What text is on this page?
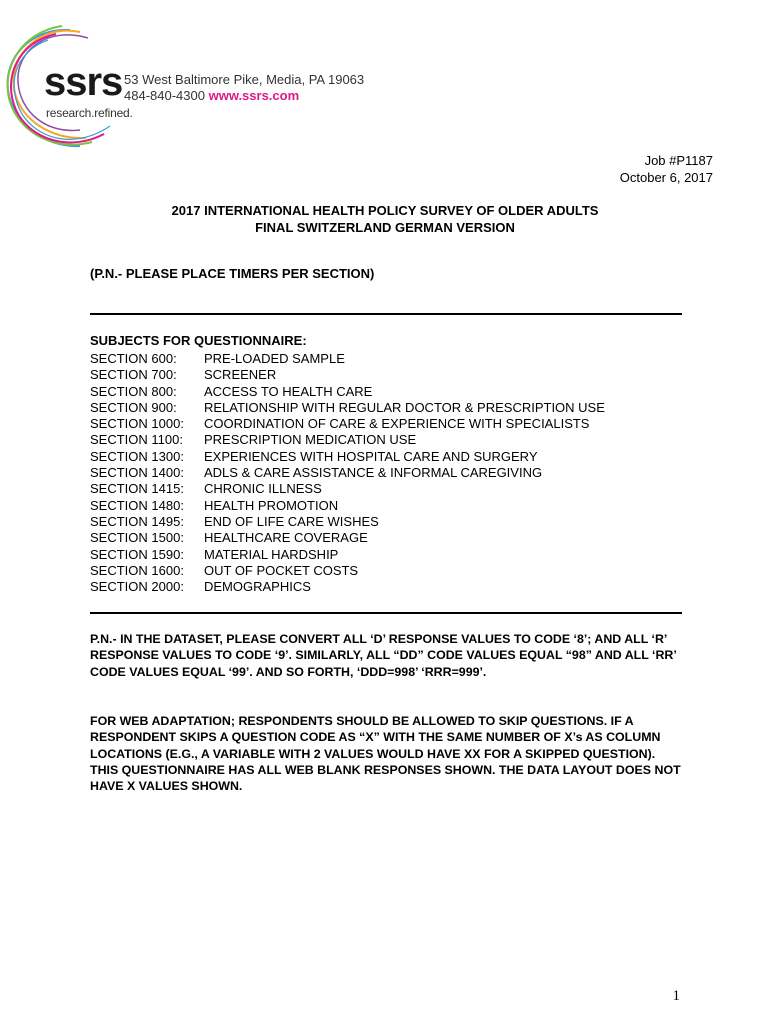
ssrs
research.refined.
53 West Baltimore Pike, Media, PA 19063
484-840-4300 www.ssrs.com
Job #P1187
October 6, 2017
2017 INTERNATIONAL HEALTH POLICY SURVEY OF OLDER ADULTS
FINAL SWITZERLAND GERMAN VERSION
(P.N.- PLEASE PLACE TIMERS PER SECTION)
SUBJECTS FOR QUESTIONNAIRE:
SECTION 600:	PRE-LOADED SAMPLE
SECTION 700:	SCREENER
SECTION 800:	ACCESS TO HEALTH CARE
SECTION 900:	RELATIONSHIP WITH REGULAR DOCTOR & PRESCRIPTION USE
SECTION 1000:	COORDINATION OF CARE & EXPERIENCE WITH SPECIALISTS
SECTION 1100:	PRESCRIPTION MEDICATION USE
SECTION 1300:	EXPERIENCES WITH HOSPITAL CARE AND SURGERY
SECTION 1400:	ADLS & CARE ASSISTANCE & INFORMAL CAREGIVING
SECTION 1415:	CHRONIC ILLNESS
SECTION 1480:	HEALTH PROMOTION
SECTION 1495:	END OF LIFE CARE WISHES
SECTION 1500:	HEALTHCARE COVERAGE
SECTION 1590:	MATERIAL HARDSHIP
SECTION 1600:	OUT OF POCKET COSTS
SECTION 2000:	DEMOGRAPHICS
P.N.- IN THE DATASET, PLEASE CONVERT ALL ‘D’ RESPONSE VALUES TO CODE ‘8’; AND ALL ‘R’ RESPONSE VALUES TO CODE ‘9’. SIMILARLY, ALL “DD” CODE VALUES EQUAL “98” AND ALL ‘RR’ CODE VALUES EQUAL ‘99’. AND SO FORTH, ‘DDD=998’ ‘RRR=999’.
FOR WEB ADAPTATION; RESPONDENTS SHOULD BE ALLOWED TO SKIP QUESTIONS. IF A RESPONDENT SKIPS A QUESTION CODE AS “X” WITH THE SAME NUMBER OF X’s AS COLUMN LOCATIONS (E.G., A VARIABLE WITH 2 VALUES WOULD HAVE XX FOR A SKIPPED QUESTION). THIS QUESTIONNAIRE HAS ALL WEB BLANK RESPONSES SHOWN. THE DATA LAYOUT DOES NOT HAVE X VALUES SHOWN.
1
